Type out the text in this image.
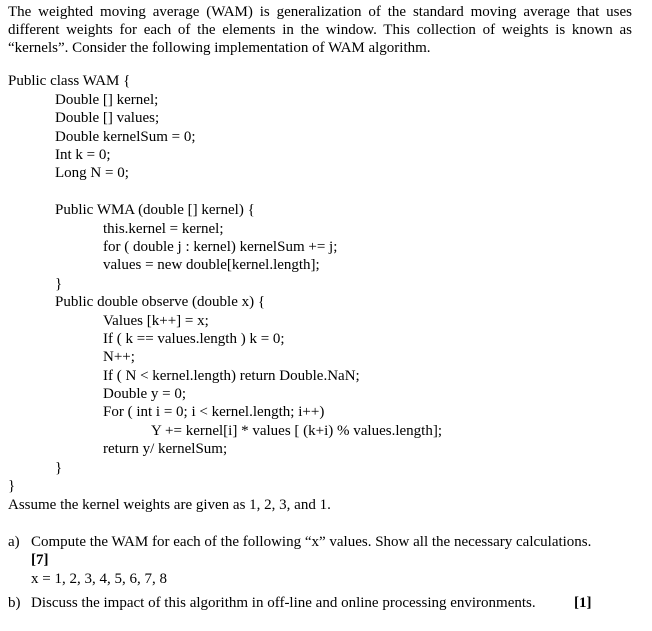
The weighted moving average (WAM) is generalization of the standard moving average that uses different weights for each of the elements in the window. This collection of weights is known as “kernels”. Consider the following implementation of WAM algorithm.
Public class WAM {
Double [] kernel;
Double [] values;
Double kernelSum = 0;
Int k = 0;
Long N = 0;
Public WMA (double [] kernel) {
this.kernel = kernel;
for ( double j : kernel) kernelSum += j;
values = new double[kernel.length];
}
Public double observe (double x) {
Values [k++] = x;
If ( k == values.length ) k = 0;
N++;
If ( N < kernel.length) return Double.NaN;
Double y = 0;
For ( int i = 0; i < kernel.length; i++)
Y += kernel[i] * values [ (k+i) % values.length];
return y/ kernelSum;
}
}
Assume the kernel weights are given as 1, 2, 3, and 1.
a) Compute the WAM for each of the following “x” values. Show all the necessary calculations.
[7]
x = 1, 2, 3, 4, 5, 6, 7, 8
b) Discuss the impact of this algorithm in off-line and online processing environments.	[1]
